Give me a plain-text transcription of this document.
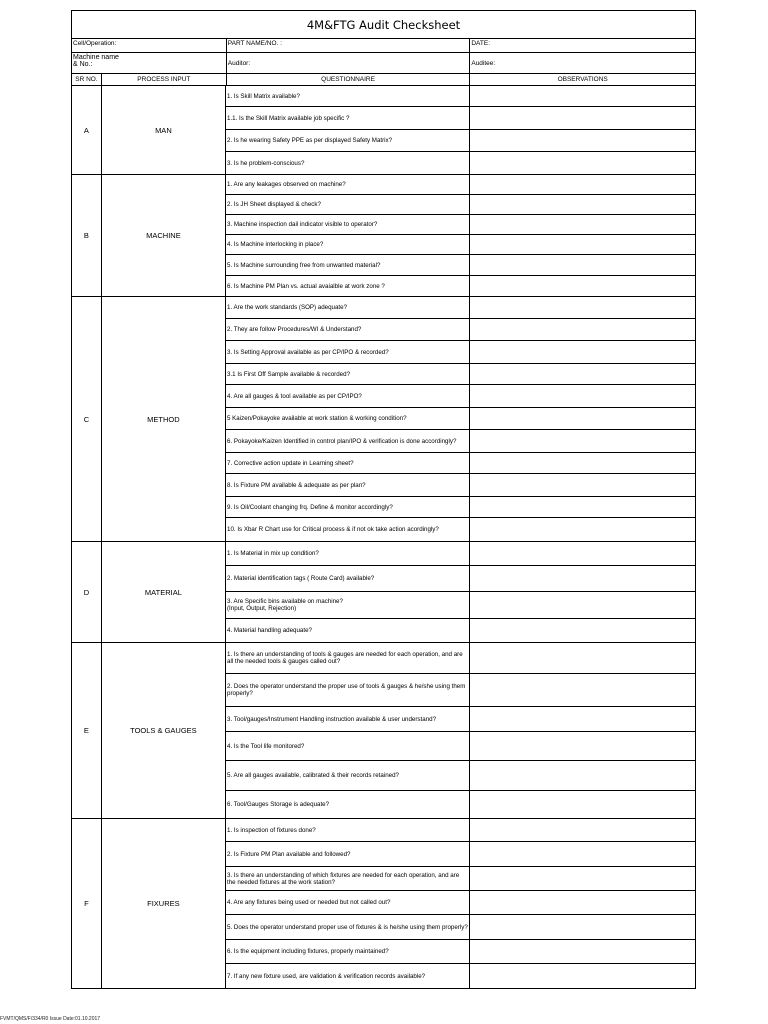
4M&FTG Audit Checksheet
Cell/Operation:	PART NAME/NO. :	DATE:
Machine name
& No.:	Auditor:	Auditee:
SR NO.	PROCESS INPUT	QUESTIONNAIRE	OBSERVATIONS
A	MAN
1. Is Skill Matrix available?
1.1. Is the Skill Matrix available job specific ?
2. Is he wearing Safety PPE as per displayed Safety Matrix?
3. Is he problem-conscious?
B	MACHINE
1. Are any leakages observed on machine?
2. Is JH Sheet displayed & check?
3. Machine inspection dail indicator visible to operator?
4. Is Machine interlocking in place?
5. Is Machine surrounding free from unwanted material?
6. Is Machine PM Plan vs. actual avaialble at work zone ?
C	METHOD
1. Are the work standards (SOP) adequate?
2. They are follow Procedures/WI & Understand?
3. Is Setting Approval available as per CP/IPO & recorded?
3.1 Is First Off Sample available & recorded?
4. Are all gauges & tool available as per CP/IPO?
5 Kaizen/Pokayoke available at work station & working condition?
6. Pokayoke/Kaizen Identified in control plan/IPO & verification is done accordingly?
7. Corrective action update in Learning sheet?
8. Is Fixture PM available & adequate as per plan?
9. Is Oil/Coolant changing frq. Define & monitor accordingly?
10. Is Xbar R Chart use for Critical process & if not ok take action acordingly?
D	MATERIAL
1. Is Material in mix up condition?
2. Material identification tags ( Route Card) available?
3. Are Specific bins available on machine?
(Input, Output, Rejection)
4. Material handling adequate?
E	TOOLS & GAUGES
1. Is there an understanding of tools & gauges are needed for each operation, and are all the needed tools & gauges called out?
2. Does the operator understand the proper use of tools & gauges & he/she using them properly?
3. Tool/gauges/Instrument Handling instruction available & user understand?
4. Is the Tool life monitored?
5. Are all gauges available, calibrated & their records retained?
6. Tool/Gauges Storage is adequate?
F	FIXURES
1. Is inspection of fixtures done?
2. Is Fixture PM Plan available and followed?
3. Is there an understanding of which fixtures are needed for each operation, and are the needed fixtures at the work station?
4. Are any fixtures being used or needed but not called out?
5. Does the operator understand proper use of fixtures & is he/she using them properly?
6. Is the equipment including fixtures, properly maintained?
7. If any new fixture used, are validation & verification records available?
FVMT/QMS/F/334/R0 Issue Date:01.10.2017
